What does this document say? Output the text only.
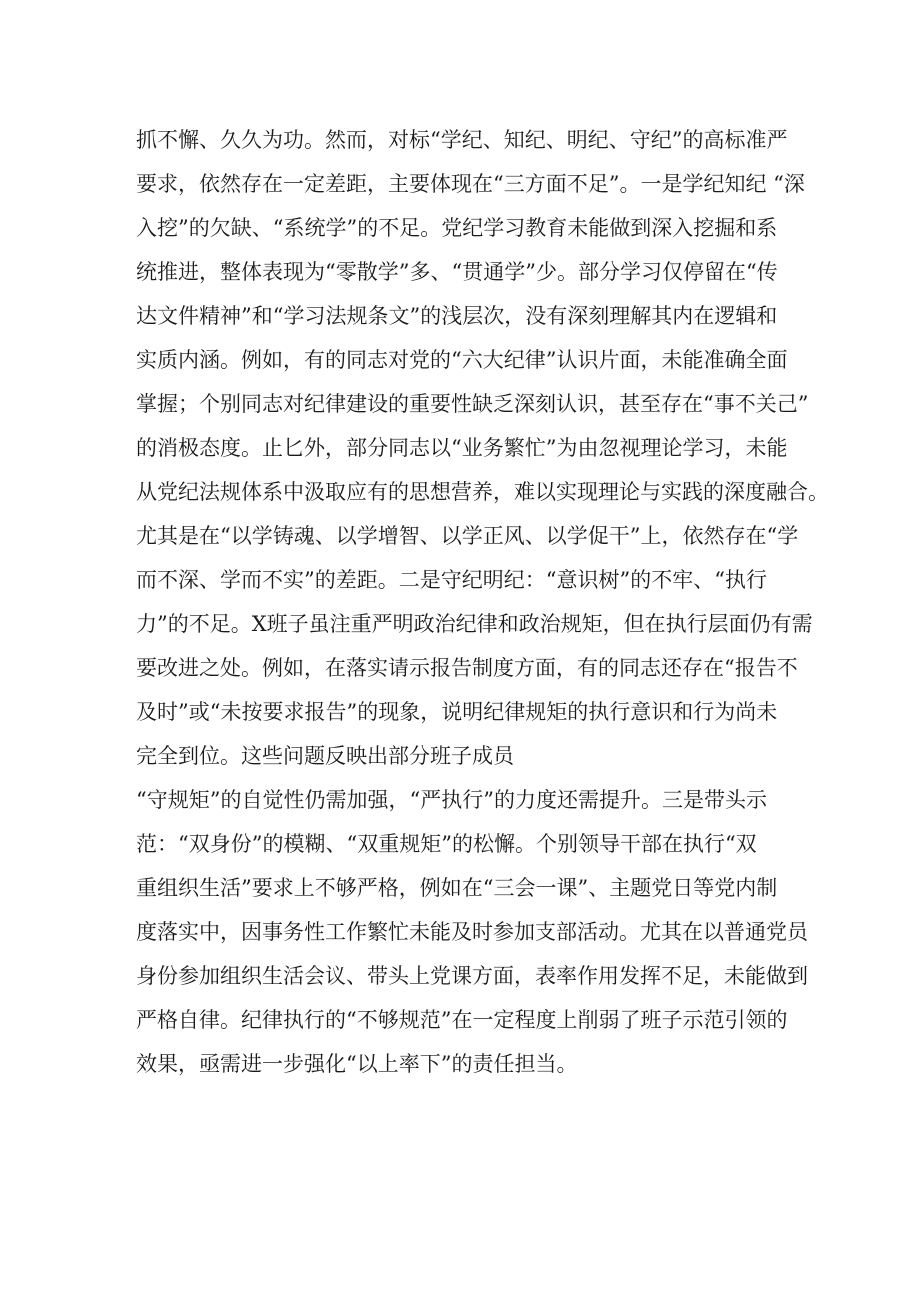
抓不懈、久久为功。然而，对标“学纪、知纪、明纪、守纪”的高标准严
要求，依然存在一定差距，主要体现在“三方面不足”。一是学纪知纪 “深
入挖”的欠缺、“系统学”的不足。党纪学习教育未能做到深入挖掘和系
统推进，整体表现为“零散学”多、“贯通学”少。部分学习仅停留在“传
达文件精神”和“学习法规条文”的浅层次，没有深刻理解其内在逻辑和
实质内涵。例如，有的同志对党的“六大纪律”认识片面，未能准确全面
掌握；个别同志对纪律建设的重要性缺乏深刻认识，甚至存在“事不关己”
的消极态度。止匕外，部分同志以“业务繁忙”为由忽视理论学习，未能
从党纪法规体系中汲取应有的思想营养，难以实现理论与实践的深度融合。
尤其是在“以学铸魂、以学增智、以学正风、以学促干”上，依然存在“学
而不深、学而不实”的差距。二是守纪明纪：“意识树”的不牢、“执行
力”的不足。X班子虽注重严明政治纪律和政治规矩，但在执行层面仍有需
要改进之处。例如，在落实请示报告制度方面，有的同志还存在“报告不
及时”或“未按要求报告”的现象，说明纪律规矩的执行意识和行为尚未
完全到位。这些问题反映出部分班子成员
“守规矩”的自觉性仍需加强，“严执行”的力度还需提升。三是带头示
范：“双身份”的模糊、“双重规矩”的松懈。个别领导干部在执行“双
重组织生活”要求上不够严格，例如在“三会一课”、主题党日等党内制
度落实中，因事务性工作繁忙未能及时参加支部活动。尤其在以普通党员
身份参加组织生活会议、带头上党课方面，表率作用发挥不足，未能做到
严格自律。纪律执行的“不够规范”在一定程度上削弱了班子示范引领的
效果，亟需进一步强化“以上率下”的责任担当。
